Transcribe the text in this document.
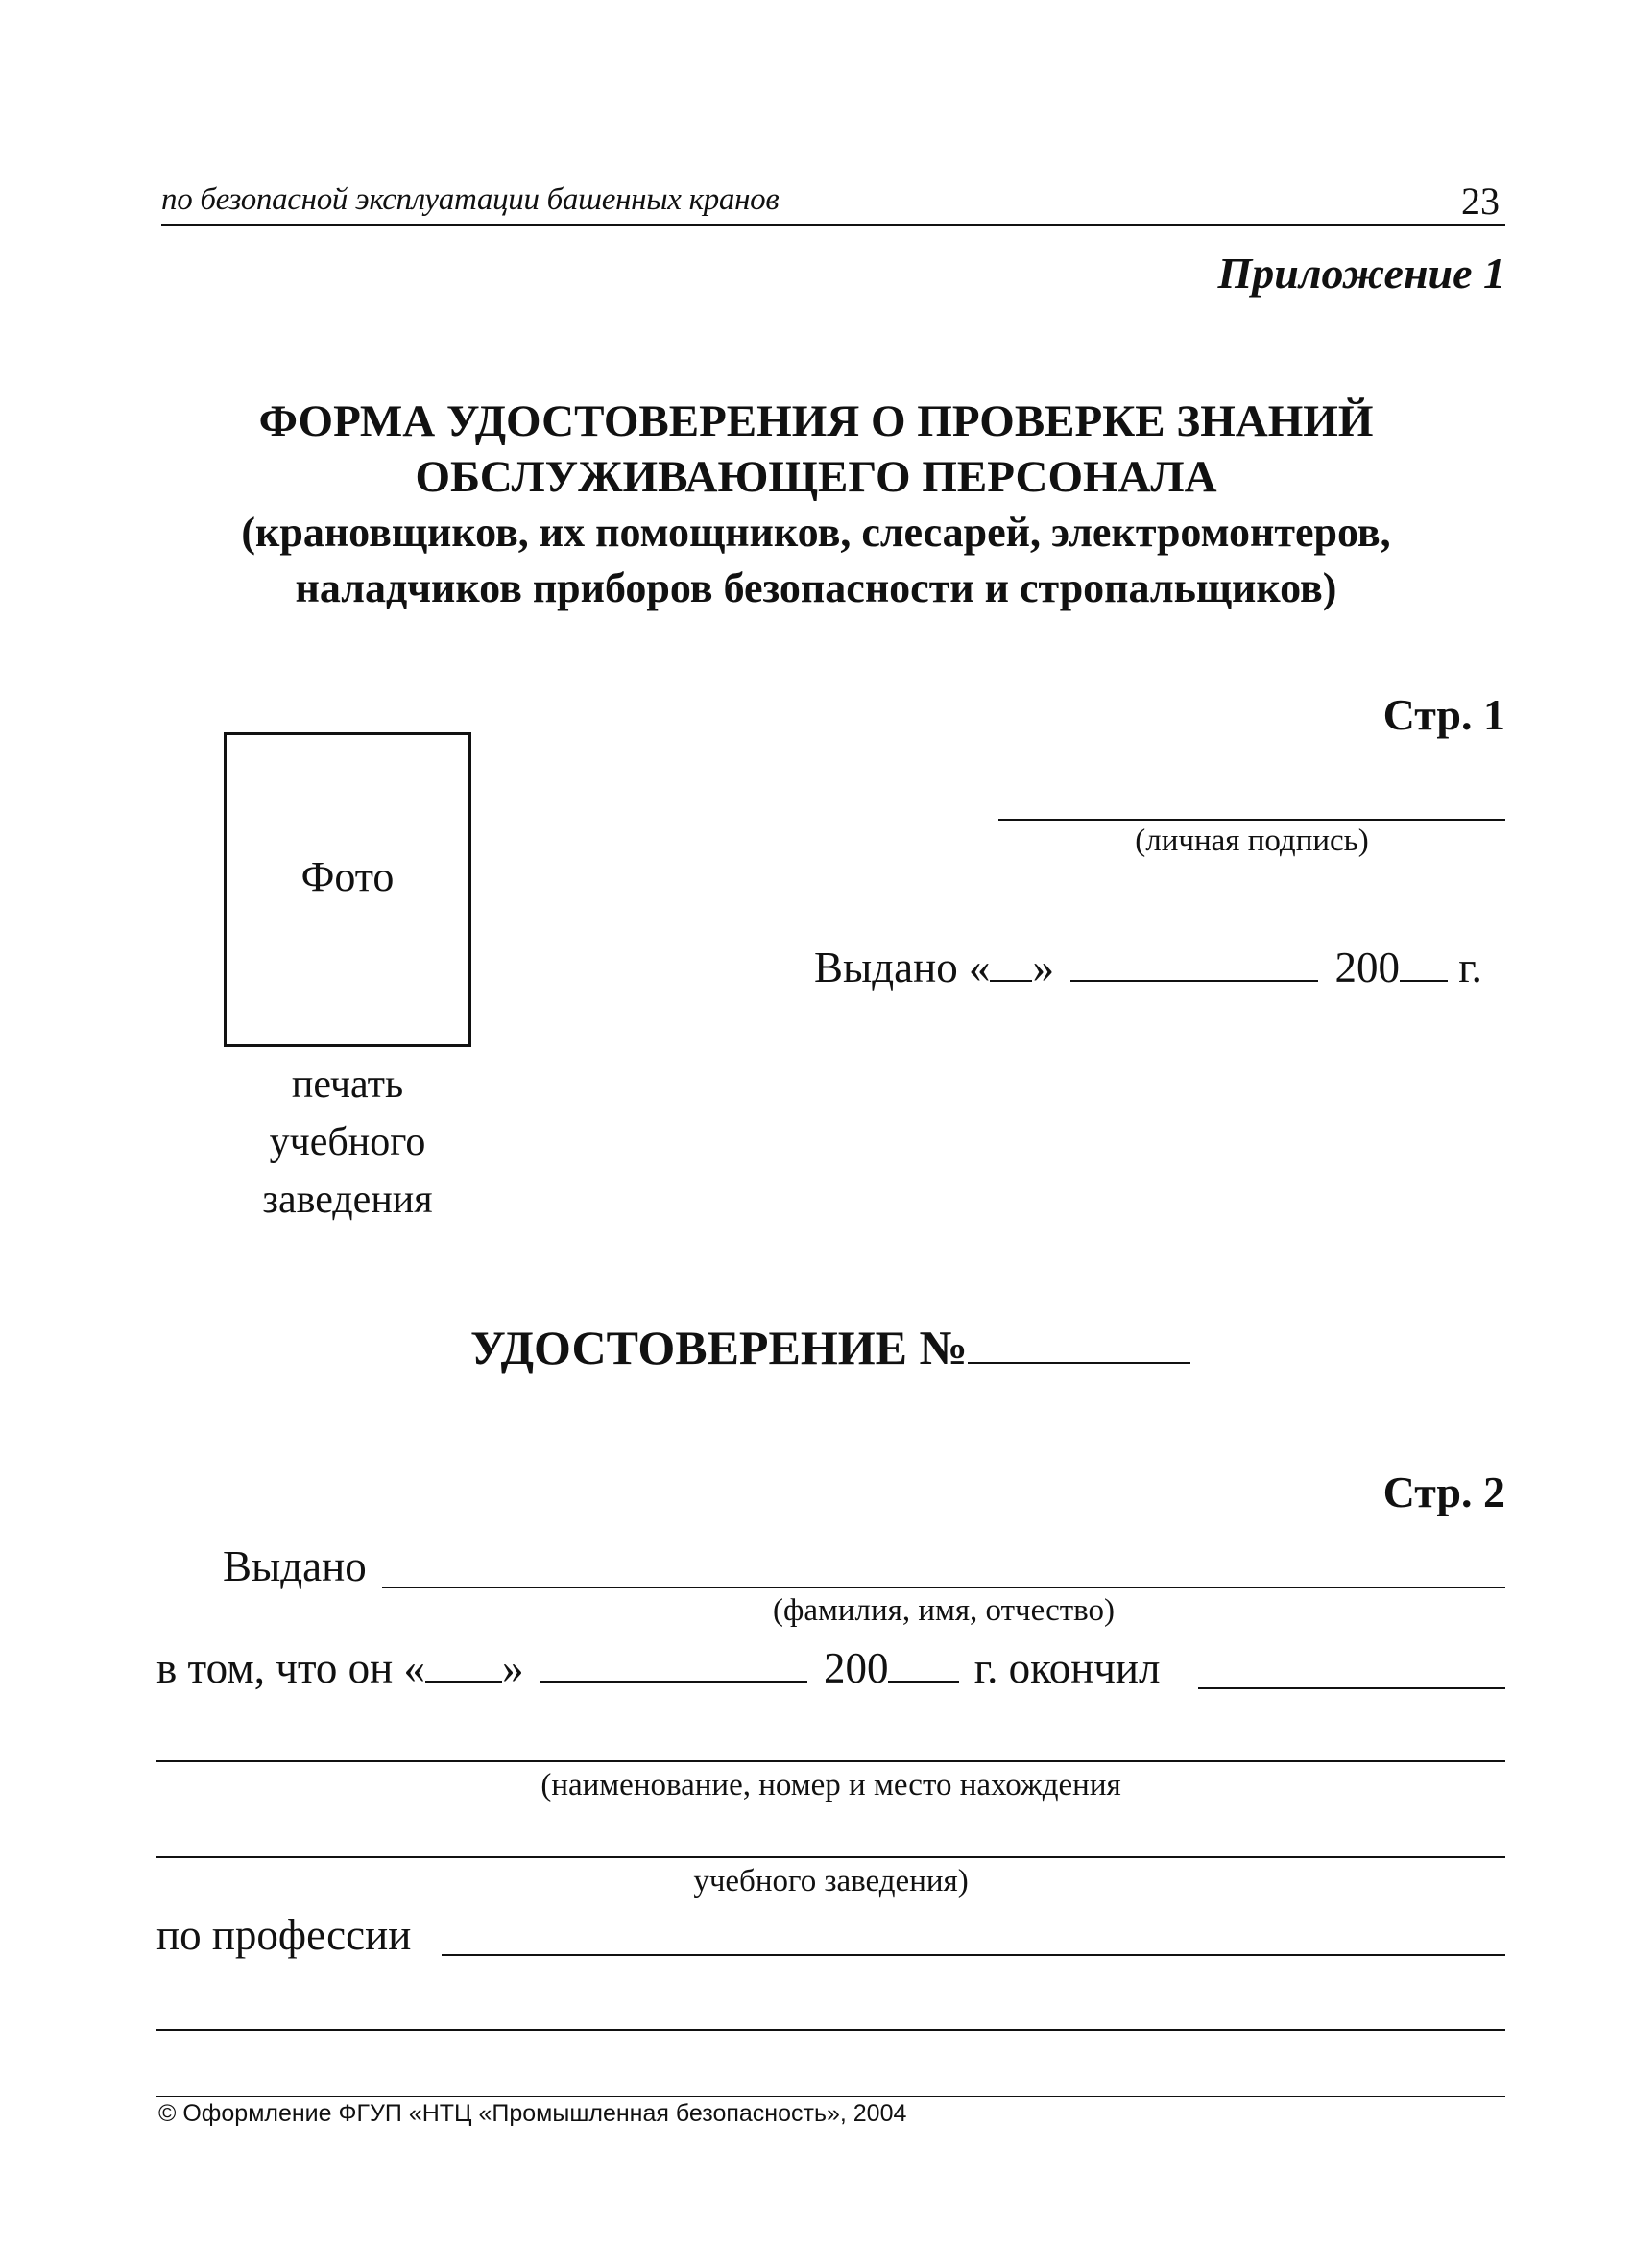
по безопасной эксплуатации башенных кранов	23
Приложение 1
ФОРМА УДОСТОВЕРЕНИЯ О ПРОВЕРКЕ ЗНАНИЙ
ОБСЛУЖИВАЮЩЕГО ПЕРСОНАЛА
(крановщиков, их помощников, слесарей, электромонтеров,
наладчиков приборов безопасности и стропальщиков)
Стр. 1
Фото
печать
учебного
заведения
(личная подпись)
Выдано « »	200 г.
УДОСТОВЕРЕНИЕ №
Стр. 2
Выдано
(фамилия, имя, отчество)
в том, что он « »	200 г. окончил
(наименование, номер и место нахождения
учебного заведения)
по профессии
© Оформление ФГУП «НТЦ «Промышленная безопасность», 2004
